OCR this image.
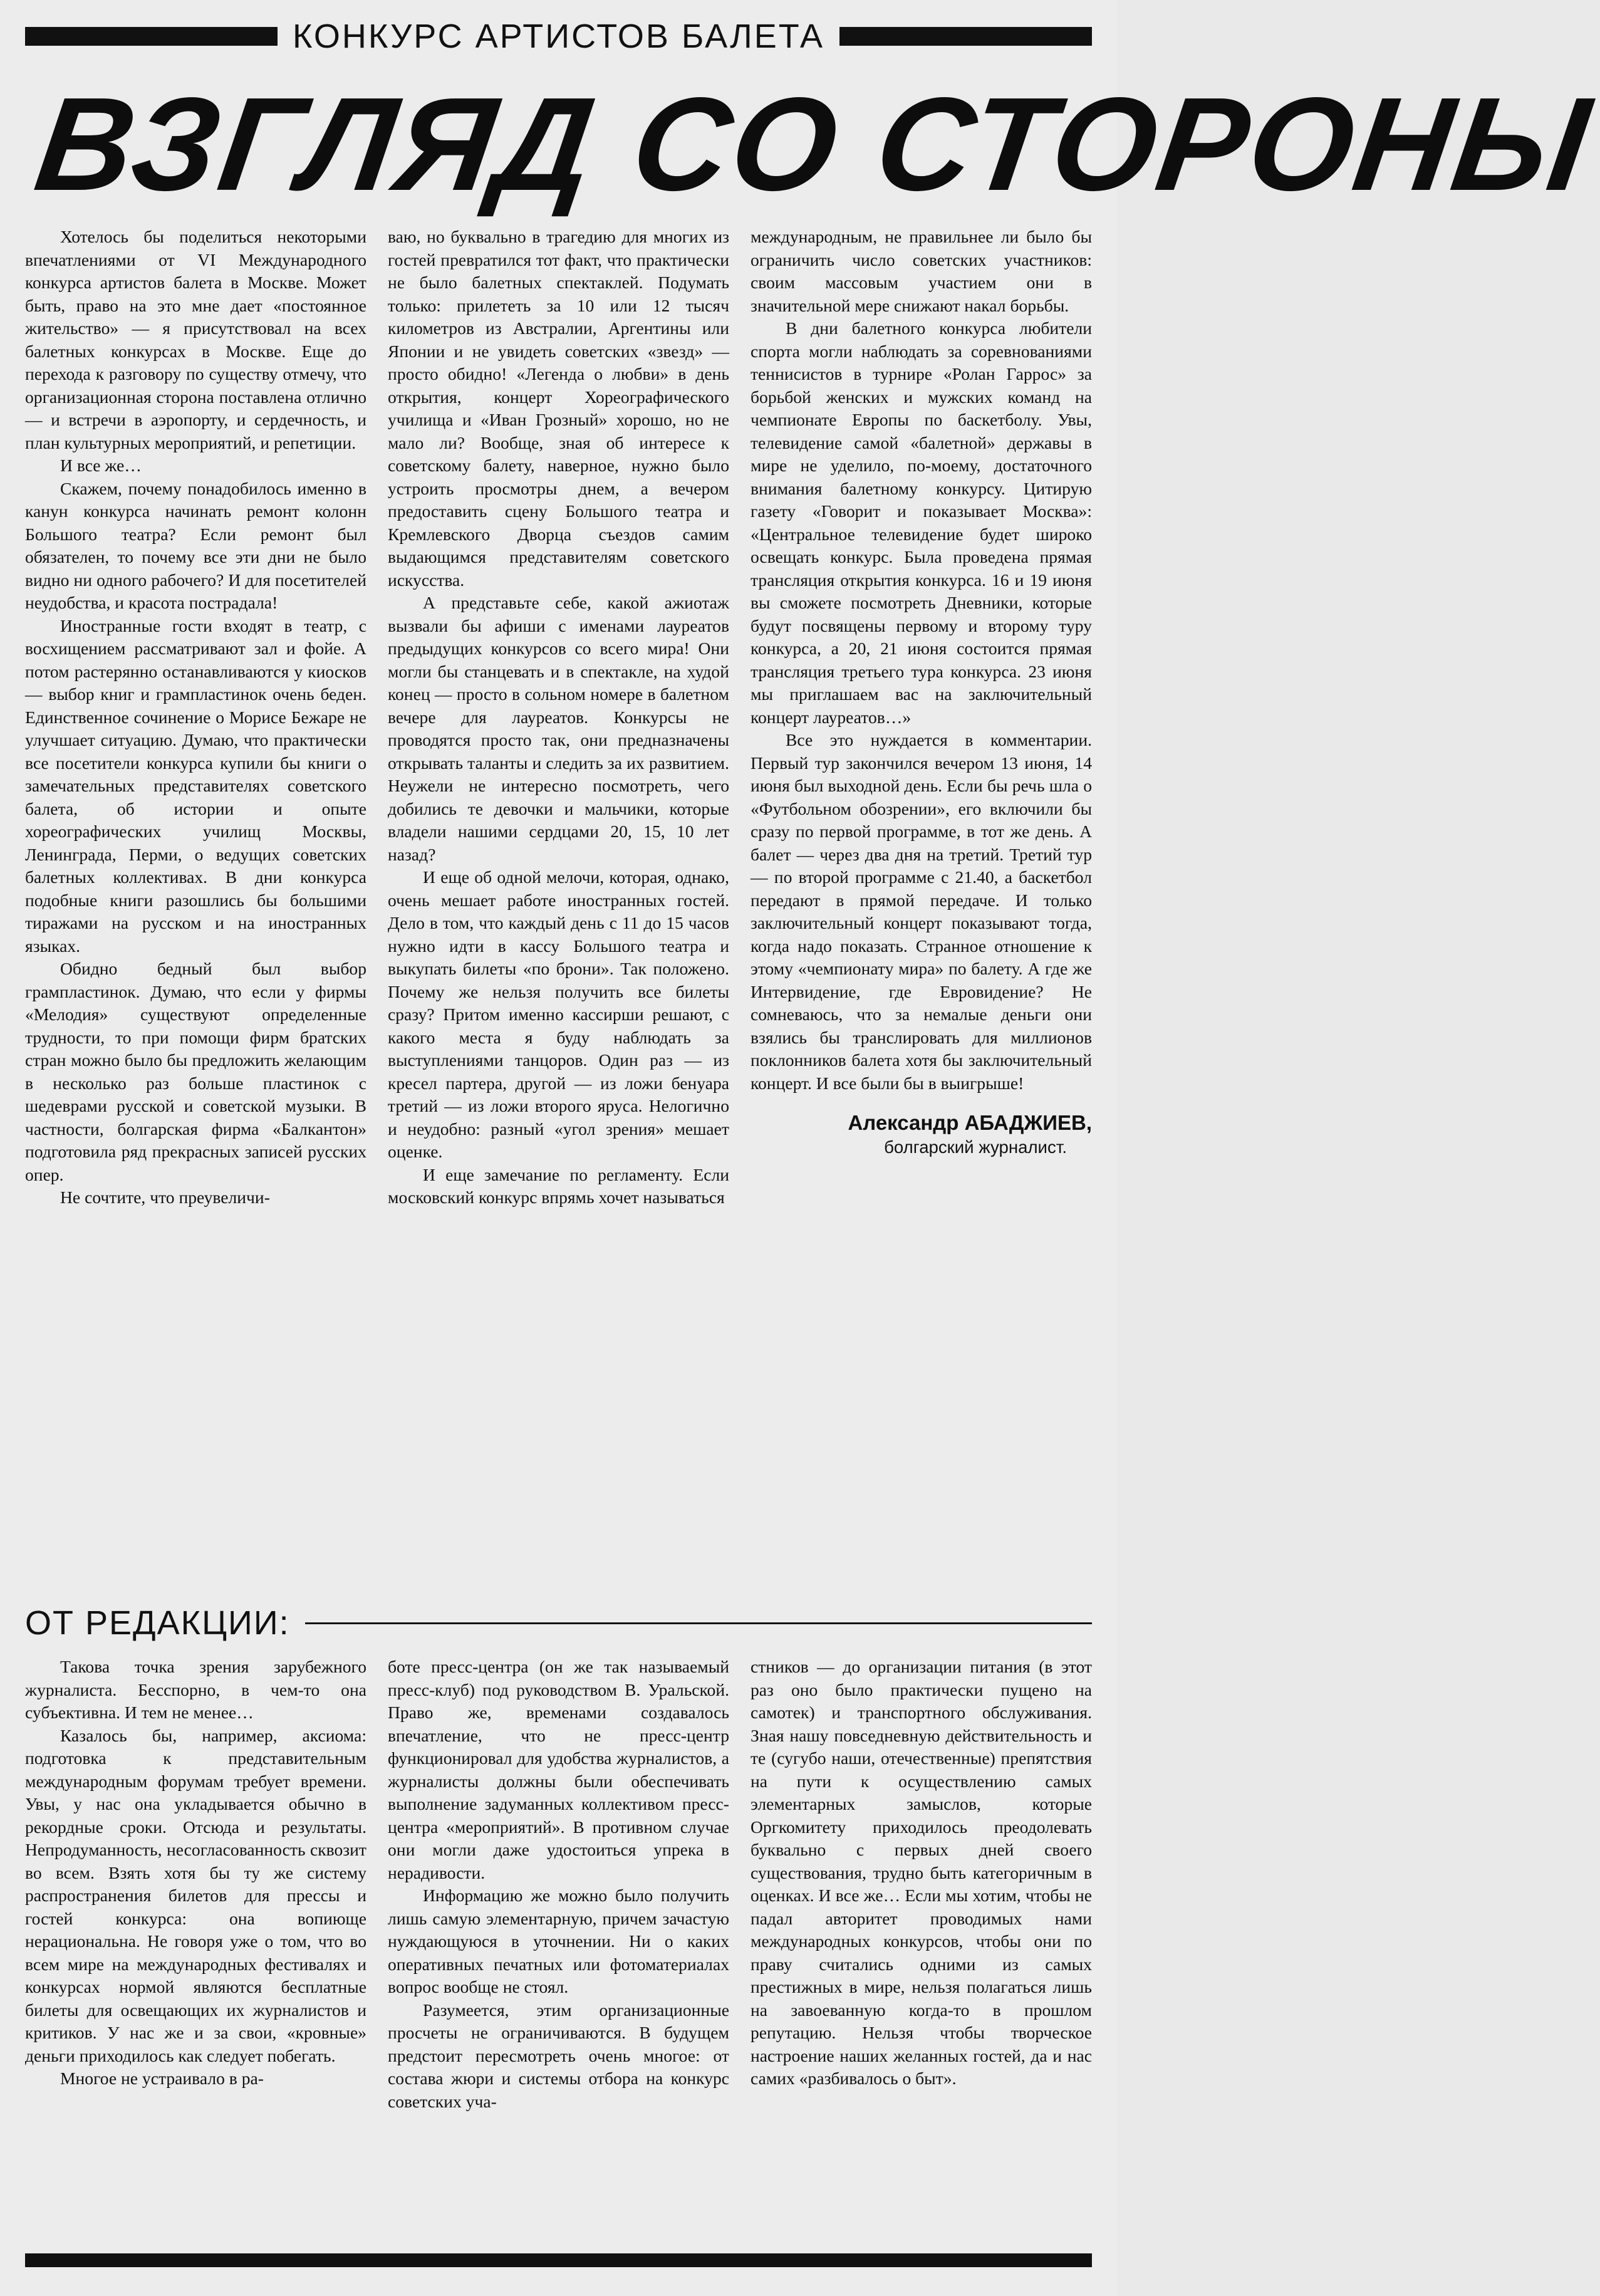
КОНКУРС АРТИСТОВ БАЛЕТА
ВЗГЛЯД СО СТОРОНЫ

Хотелось бы поделиться некоторыми впечатлениями от VI Международного конкурса артистов балета в Москве. Может быть, право на это мне дает «постоянное жительство» — я присутствовал на всех балетных конкурсах в Москве. Еще до перехода к разговору по существу отмечу, что организационная сторона поставлена отлично — и встречи в аэропорту, и сердечность, и план культурных мероприятий, и репетиции.

И все же…

Скажем, почему понадобилось именно в канун конкурса начинать ремонт колонн Большого театра? Если ремонт был обязателен, то почему все эти дни не было видно ни одного рабочего? И для посетителей неудобства, и красота пострадала!

Иностранные гости входят в театр, с восхищением рассматривают зал и фойе. А потом растерянно останавливаются у киосков — выбор книг и грампластинок очень беден. Единственное сочинение о Морисе Бежаре не улучшает ситуацию. Думаю, что практически все посетители конкурса купили бы книги о замечательных представителях советского балета, об истории и опыте хореографических училищ Москвы, Ленинграда, Перми, о ведущих советских балетных коллективах. В дни конкурса подобные книги разошлись бы большими тиражами на русском и на иностранных языках.

Обидно бедный был выбор грампластинок. Думаю, что если у фирмы «Мелодия» существуют определенные трудности, то при помощи фирм братских стран можно было бы предложить желающим в несколько раз больше пластинок с шедеврами русской и советской музыки. В частности, болгарская фирма «Балкантон» подготовила ряд прекрасных записей русских опер.

Не сочтите, что преувеличи-

ваю, но буквально в трагедию для многих из гостей превратился тот факт, что практически не было балетных спектаклей. Подумать только: прилететь за 10 или 12 тысяч километров из Австралии, Аргентины или Японии и не увидеть советских «звезд» — просто обидно! «Легенда о любви» в день открытия, концерт Хореографического училища и «Иван Грозный» хорошо, но не мало ли? Вообще, зная об интересе к советскому балету, наверное, нужно было устроить просмотры днем, а вечером предоставить сцену Большого театра и Кремлевского Дворца съездов самим выдающимся представителям советского искусства.

А представьте себе, какой ажиотаж вызвали бы афиши с именами лауреатов предыдущих конкурсов со всего мира! Они могли бы станцевать и в спектакле, на худой конец — просто в сольном номере в балетном вечере для лауреатов. Конкурсы не проводятся просто так, они предназначены открывать таланты и следить за их развитием. Неужели не интересно посмотреть, чего добились те девочки и мальчики, которые владели нашими сердцами 20, 15, 10 лет назад?

И еще об одной мелочи, которая, однако, очень мешает работе иностранных гостей. Дело в том, что каждый день с 11 до 15 часов нужно идти в кассу Большого театра и выкупать билеты «по брони». Так положено. Почему же нельзя получить все билеты сразу? Притом именно кассирши решают, с какого места я буду наблюдать за выступлениями танцоров. Один раз — из кресел партера, другой — из ложи бенуара третий — из ложи второго яруса. Нелогично и неудобно: разный «угол зрения» мешает оценке.

И еще замечание по регламенту. Если московский конкурс впрямь хочет называться

международным, не правильнее ли было бы ограничить число советских участников: своим массовым участием они в значительной мере снижают накал борьбы.

В дни балетного конкурса любители спорта могли наблюдать за соревнованиями теннисистов в турнире «Ролан Гаррос» за борьбой женских и мужских команд на чемпионате Европы по баскетболу. Увы, телевидение самой «балетной» державы в мире не уделило, по-моему, достаточного внимания балетному конкурсу. Цитирую газету «Говорит и показывает Москва»: «Центральное телевидение будет широко освещать конкурс. Была проведена прямая трансляция открытия конкурса. 16 и 19 июня вы сможете посмотреть Дневники, которые будут посвящены первому и второму туру конкурса, а 20, 21 июня состоится прямая трансляция третьего тура конкурса. 23 июня мы приглашаем вас на заключительный концерт лауреатов…»

Все это нуждается в комментарии. Первый тур закончился вечером 13 июня, 14 июня был выходной день. Если бы речь шла о «Футбольном обозрении», его включили бы сразу по первой программе, в тот же день. А балет — через два дня на третий. Третий тур — по второй программе с 21.40, а баскетбол передают в прямой передаче. И только заключительный концерт показывают тогда, когда надо показать. Странное отношение к этому «чемпионату мира» по балету. А где же Интервидение, где Евровидение? Не сомневаюсь, что за немалые деньги они взялись бы транслировать для миллионов поклонников балета хотя бы заключительный концерт. И все были бы в выигрыше!

Александр АБАДЖИЕВ,
болгарский журналист.
ОТ РЕДАКЦИИ:

Такова точка зрения зарубежного журналиста. Бесспорно, в чем-то она субъективна. И тем не менее…

Казалось бы, например, аксиома: подготовка к представительным международным форумам требует времени. Увы, у нас она укладывается обычно в рекордные сроки. Отсюда и результаты. Непродуманность, несогласованность сквозит во всем. Взять хотя бы ту же систему распространения билетов для прессы и гостей конкурса: она вопиюще нерациональна. Не говоря уже о том, что во всем мире на международных фестивалях и конкурсах нормой являются бесплатные билеты для освещающих их журналистов и критиков. У нас же и за свои, «кровные» деньги приходилось как следует побегать.

Многое не устраивало в ра-

боте пресс-центра (он же так называемый пресс-клуб) под руководством В. Уральской. Право же, временами создавалось впечатление, что не пресс-центр функционировал для удобства журналистов, а журналисты должны были обеспечивать выполнение задуманных коллективом пресс-центра «мероприятий». В противном случае они могли даже удостоиться упрека в нерадивости.

Информацию же можно было получить лишь самую элементарную, причем зачастую нуждающуюся в уточнении. Ни о каких оперативных печатных или фотоматериалах вопрос вообще не стоял.

Разумеется, этим организационные просчеты не ограничиваются. В будущем предстоит пересмотреть очень многое: от состава жюри и системы отбора на конкурс советских уча-

стников — до организации питания (в этот раз оно было практически пущено на самотек) и транспортного обслуживания. Зная нашу повседневную действительность и те (сугубо наши, отечественные) препятствия на пути к осуществлению самых элементарных замыслов, которые Оргкомитету приходилось преодолевать буквально с первых дней своего существования, трудно быть категоричным в оценках. И все же… Если мы хотим, чтобы не падал авторитет проводимых нами международных конкурсов, чтобы они по праву считались одними из самых престижных в мире, нельзя полагаться лишь на завоеванную когда-то в прошлом репутацию. Нельзя чтобы творческое настроение наших желанных гостей, да и нас самих «разбивалось о быт».
